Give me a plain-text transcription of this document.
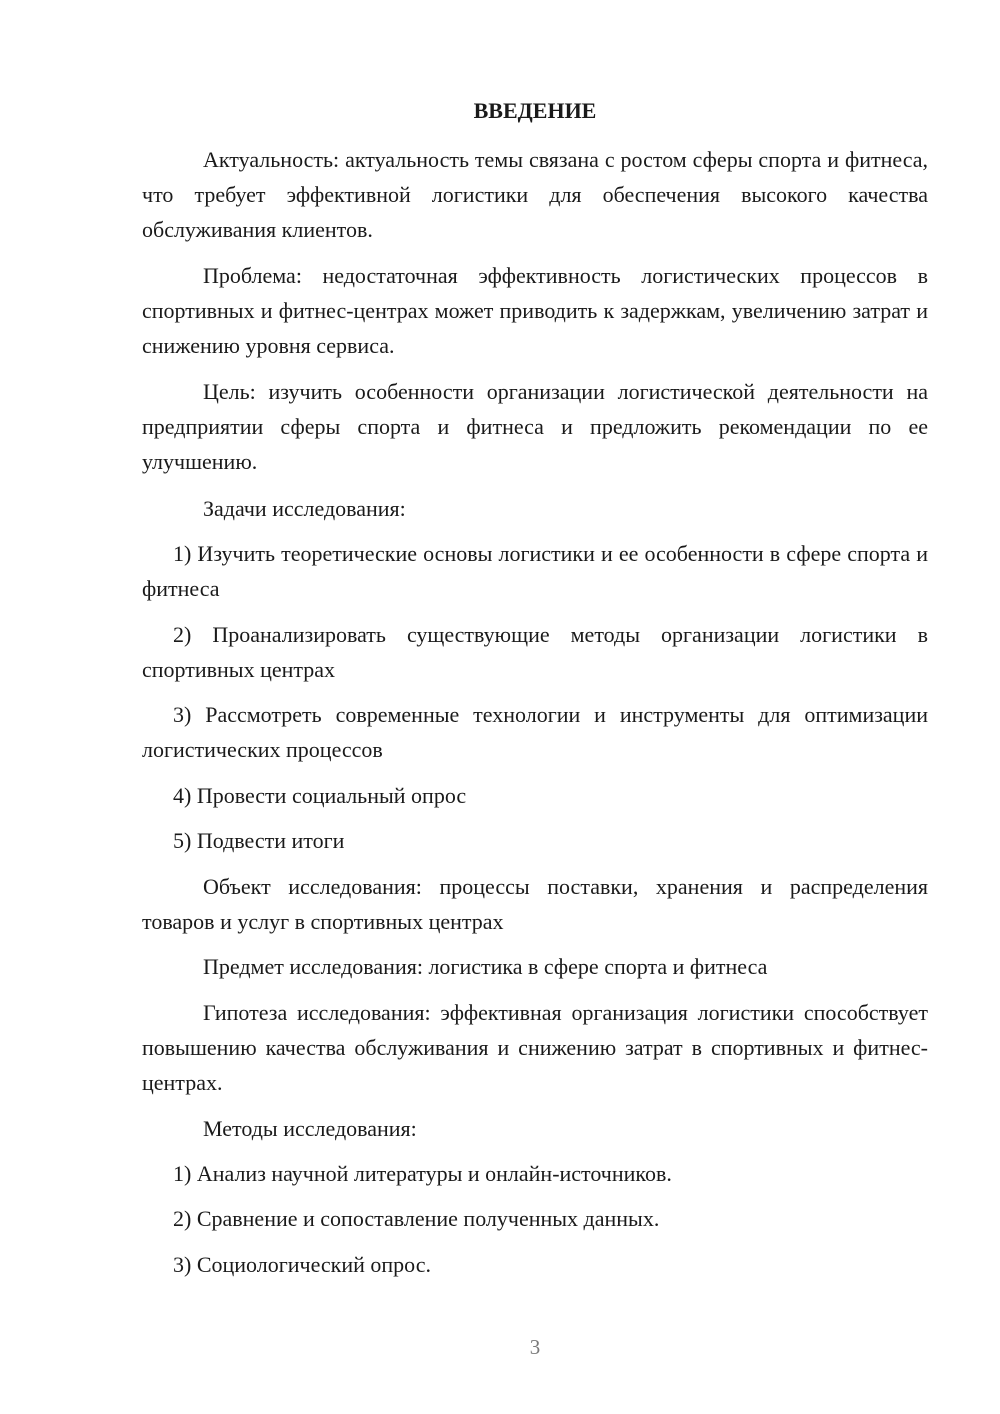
ВВЕДЕНИЕ

Актуальность: актуальность темы связана с ростом сферы спорта и фитнеса, что требует эффективной логистики для обеспечения высокого качества обслуживания клиентов.

Проблема: недостаточная эффективность логистических процессов в спортивных и фитнес-центрах может приводить к задержкам, увеличению затрат и снижению уровня сервиса.

Цель: изучить особенности организации логистической деятельности на предприятии сферы спорта и фитнеса и предложить рекомендации по ее улучшению.

Задачи исследования:

1) Изучить теоретические основы логистики и ее особенности в сфере спорта и фитнеса

2) Проанализировать существующие методы организации логистики в спортивных центрах

3) Рассмотреть современные технологии и инструменты для оптимизации логистических процессов

4) Провести социальный опрос

5) Подвести итоги

Объект исследования: процессы поставки, хранения и распределения товаров и услуг в спортивных центрах

Предмет исследования: логистика в сфере спорта и фитнеса

Гипотеза исследования: эффективная организация логистики способствует повышению качества обслуживания и снижению затрат в спортивных и фитнес-центрах.

Методы исследования:

1) Анализ научной литературы и онлайн-источников.

2) Сравнение и сопоставление полученных данных.

3) Социологический опрос.

3
